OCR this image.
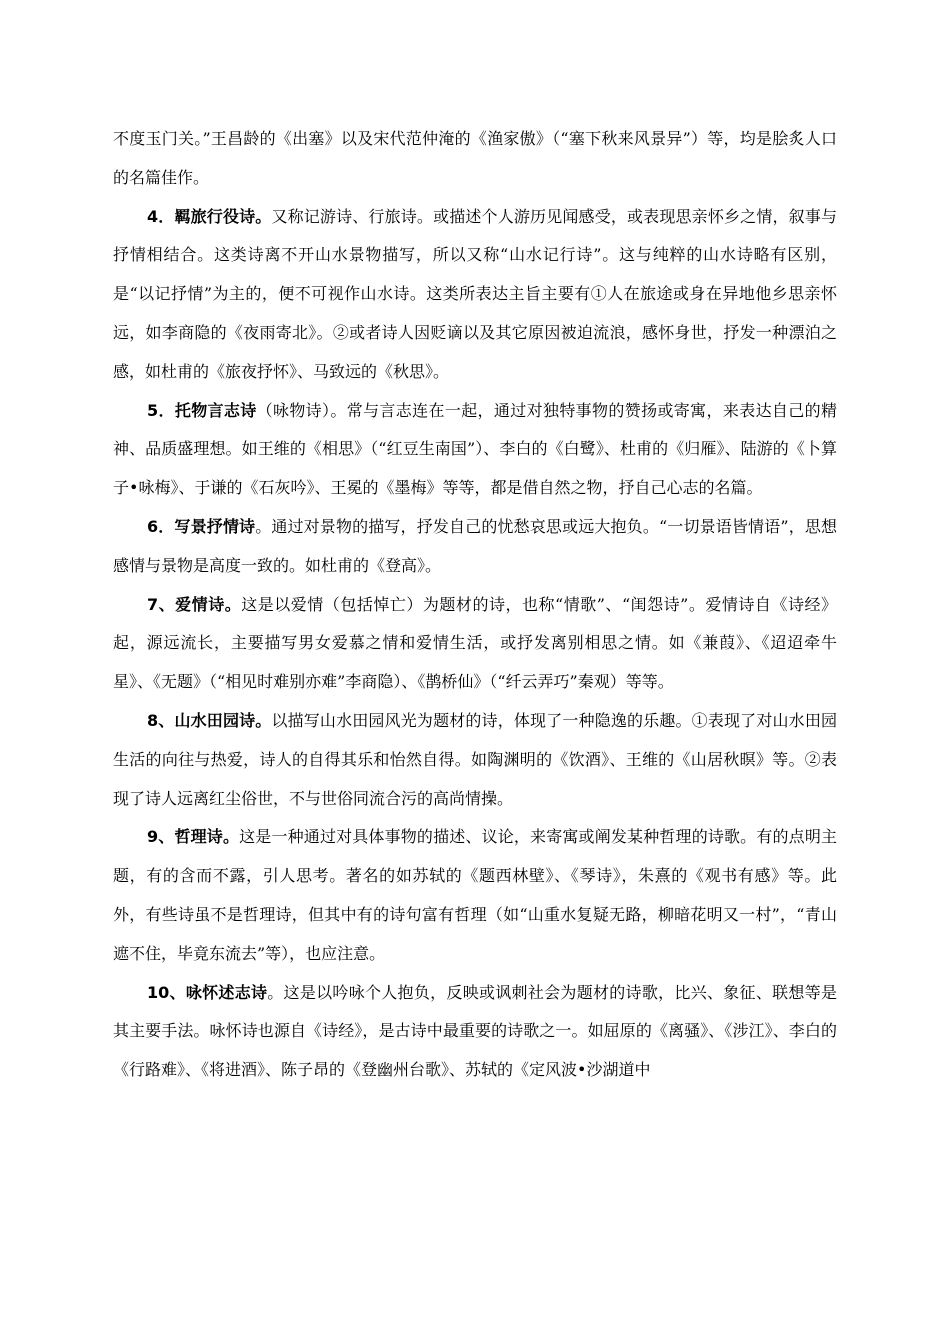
不度玉门关。”王昌龄的《出塞》以及宋代范仲淹的《渔家傲》（“塞下秋来风景异”）等，均是脍炙人口的名篇佳作。

4．羁旅行役诗。又称记游诗、行旅诗。或描述个人游历见闻感受，或表现思亲怀乡之情，叙事与抒情相结合。这类诗离不开山水景物描写，所以又称“山水记行诗”。这与纯粹的山水诗略有区别，是“以记抒情”为主的，便不可视作山水诗。这类所表达主旨主要有①人在旅途或身在异地他乡思亲怀远，如李商隐的《夜雨寄北》。②或者诗人因贬谪以及其它原因被迫流浪，感怀身世，抒发一种漂泊之感，如杜甫的《旅夜抒怀》、马致远的《秋思》。

5．托物言志诗（咏物诗）。常与言志连在一起，通过对独特事物的赞扬或寄寓，来表达自己的精神、品质盛理想。如王维的《相思》（“红豆生南国”）、李白的《白鹭》、杜甫的《归雁》、陆游的《卜算子•咏梅》、于谦的《石灰吟》、王冕的《墨梅》等等，都是借自然之物，抒自己心志的名篇。

6．写景抒情诗。通过对景物的描写，抒发自己的忧愁哀思或远大抱负。“一切景语皆情语”，思想感情与景物是高度一致的。如杜甫的《登高》。

7、爱情诗。这是以爱情（包括悼亡）为题材的诗，也称“情歌”、“闺怨诗”。爱情诗自《诗经》起，源远流长，主要描写男女爱慕之情和爱情生活，或抒发离别相思之情。如《兼葭》、《迢迢牵牛星》、《无题》（“相见时难别亦难”李商隐）、《鹊桥仙》（“纤云弄巧”秦观）等等。

8、山水田园诗。以描写山水田园风光为题材的诗，体现了一种隐逸的乐趣。①表现了对山水田园生活的向往与热爱，诗人的自得其乐和怡然自得。如陶渊明的《饮酒》、王维的《山居秋暝》等。②表现了诗人远离红尘俗世，不与世俗同流合污的高尚情操。

9、哲理诗。这是一种通过对具体事物的描述、议论，来寄寓或阐发某种哲理的诗歌。有的点明主题，有的含而不露，引人思考。著名的如苏轼的《题西林壁》、《琴诗》，朱熹的《观书有感》等。此外，有些诗虽不是哲理诗，但其中有的诗句富有哲理（如“山重水复疑无路，柳暗花明又一村”，“青山遮不住，毕竟东流去”等），也应注意。

10、咏怀述志诗。这是以吟咏个人抱负，反映或讽刺社会为题材的诗歌，比兴、象征、联想等是其主要手法。咏怀诗也源自《诗经》，是古诗中最重要的诗歌之一。如屈原的《离骚》、《涉江》、李白的《行路难》、《将进酒》、陈子昂的《登幽州台歌》、苏轼的《定风波•沙湖道中
